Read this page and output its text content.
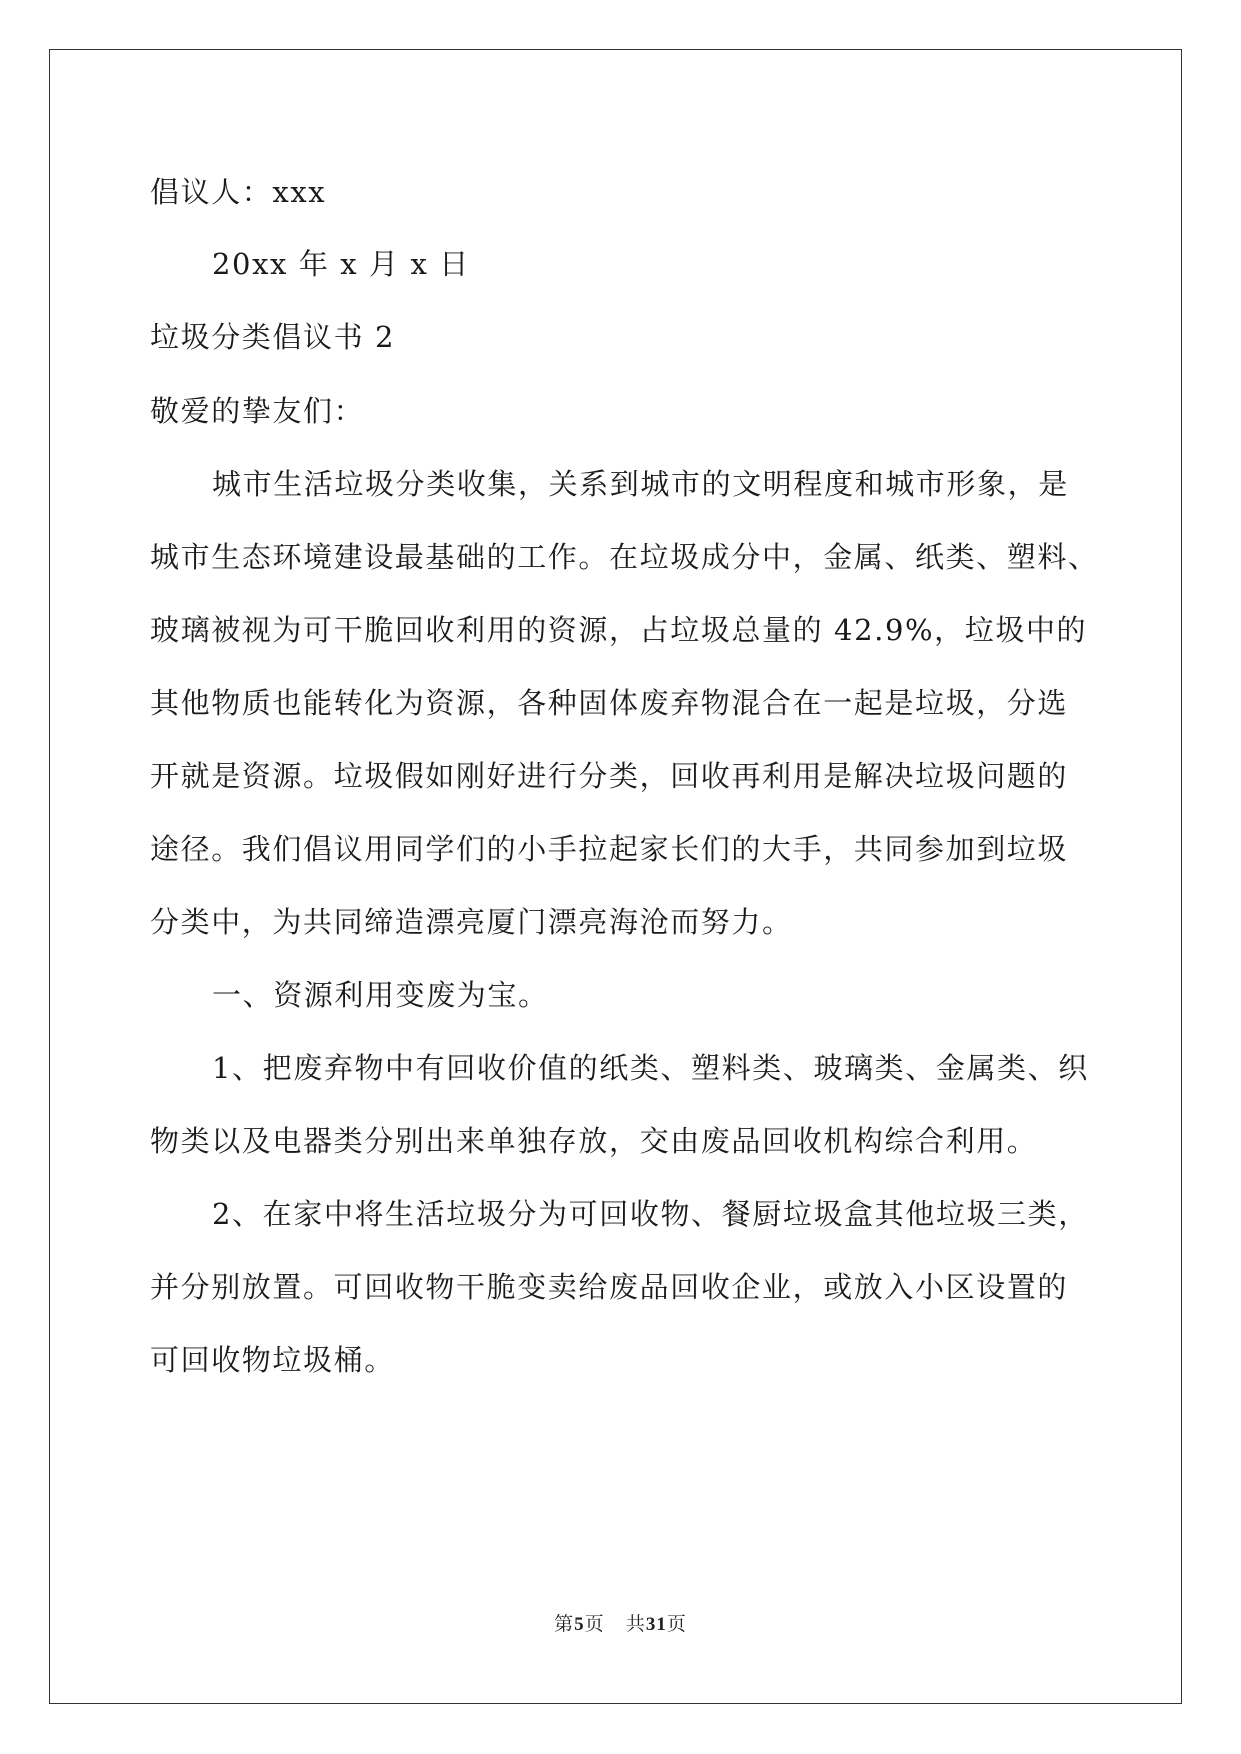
倡议人：xxx
20xx 年 x 月 x 日
垃圾分类倡议书 2
敬爱的挚友们：
城市生活垃圾分类收集，关系到城市的文明程度和城市形象，是
城市生态环境建设最基础的工作。在垃圾成分中，金属、纸类、塑料、
玻璃被视为可干脆回收利用的资源，占垃圾总量的 42.9%，垃圾中的
其他物质也能转化为资源，各种固体废弃物混合在一起是垃圾，分选
开就是资源。垃圾假如刚好进行分类，回收再利用是解决垃圾问题的
途径。我们倡议用同学们的小手拉起家长们的大手，共同参加到垃圾
分类中，为共同缔造漂亮厦门漂亮海沧而努力。
一、资源利用变废为宝。
1、把废弃物中有回收价值的纸类、塑料类、玻璃类、金属类、织
物类以及电器类分别出来单独存放，交由废品回收机构综合利用。
2、在家中将生活垃圾分为可回收物、餐厨垃圾盒其他垃圾三类，
并分别放置。可回收物干脆变卖给废品回收企业，或放入小区设置的
可回收物垃圾桶。
第5页 共31页
